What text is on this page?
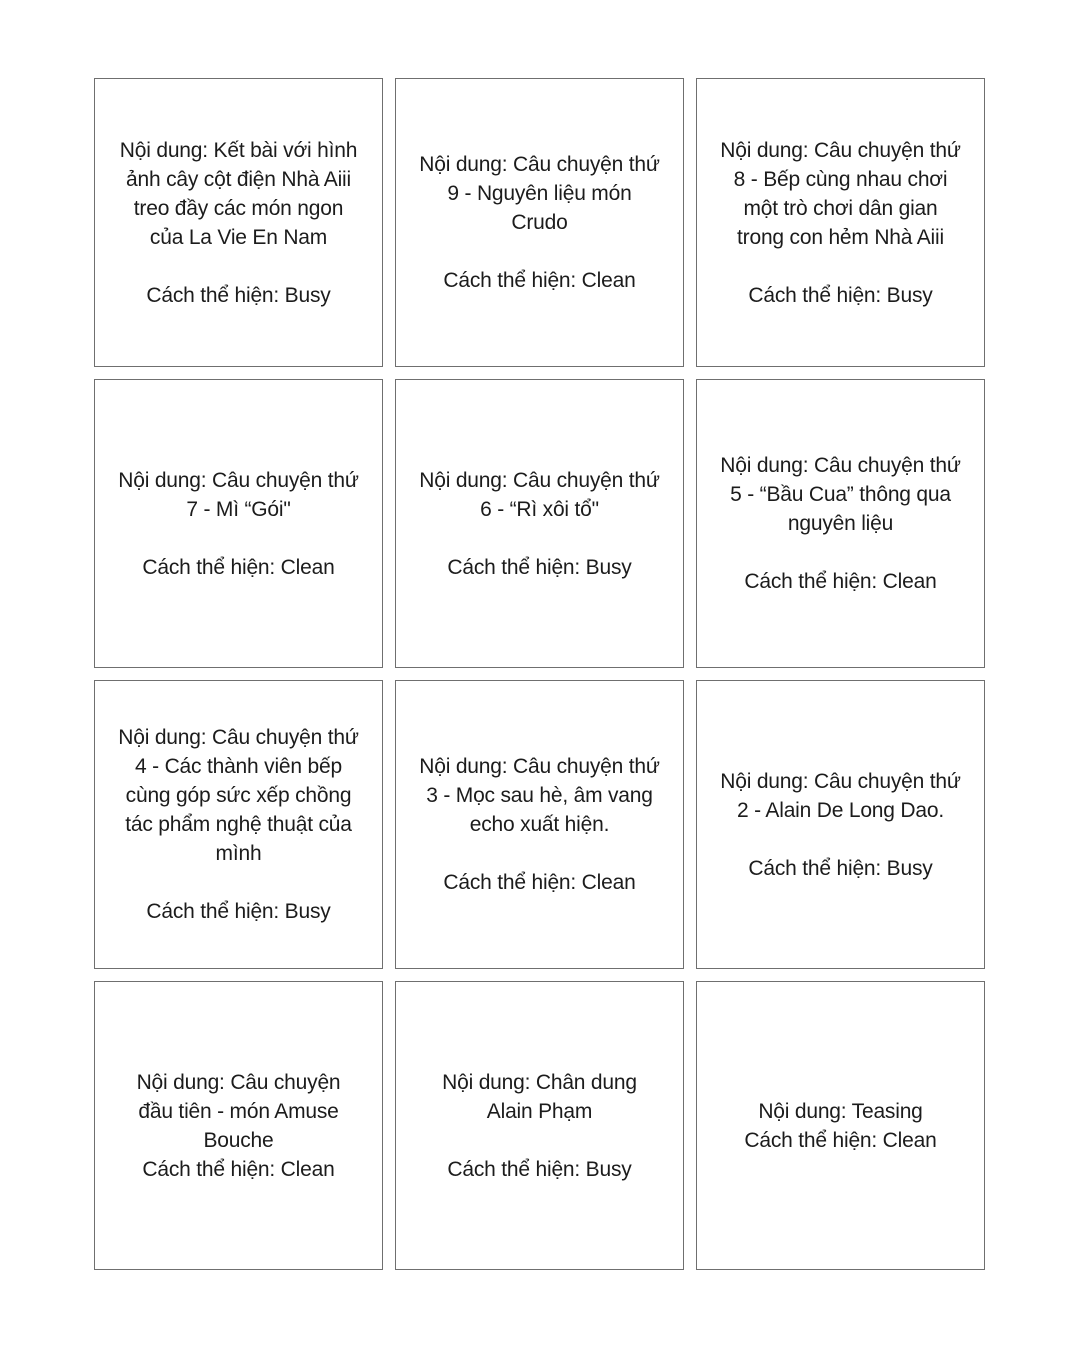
Nội dung: Kết bài với hình ảnh cây cột điện Nhà Aiii treo đầy các món ngon của La Vie En Nam

Cách thể hiện: Busy
Nội dung: Câu chuyện thứ 9 - Nguyên liệu món Crudo

Cách thể hiện: Clean
Nội dung: Câu chuyện thứ 8 - Bếp cùng nhau chơi một trò chơi dân gian trong con hẻm Nhà Aiii

Cách thể hiện: Busy
Nội dung: Câu chuyện thứ 7 - Mì “Gói"

Cách thể hiện: Clean
Nội dung: Câu chuyện thứ 6 - “Rì xôi tổ"

Cách thể hiện: Busy
Nội dung: Câu chuyện thứ 5 - “Bầu Cua” thông qua nguyên liệu

Cách thể hiện: Clean
Nội dung: Câu chuyện thứ 4 - Các thành viên bếp cùng góp sức xếp chồng tác phẩm nghệ thuật của mình

Cách thể hiện: Busy
Nội dung: Câu chuyện thứ 3 - Mọc sau hè, âm vang echo xuất hiện.

Cách thể hiện: Clean
Nội dung: Câu chuyện thứ 2 - Alain De Long Dao.

Cách thể hiện: Busy
Nội dung: Câu chuyện đầu tiên - món Amuse Bouche
Cách thể hiện: Clean
Nội dung: Chân dung Alain Phạm

Cách thể hiện: Busy
Nội dung: Teasing
Cách thể hiện: Clean
